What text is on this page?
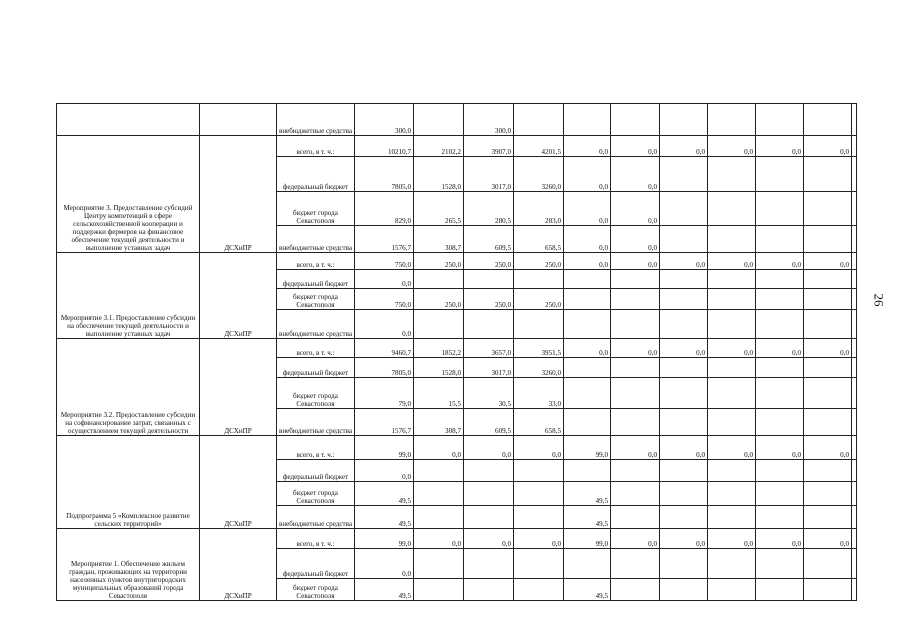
		внебюджетные средства	300,0		300,0								
Мероприятие 3. Предоставление субсидий Центру компетенций в сфере сельскохозяйственной кооперации и поддержки фермеров на финансовое обеспечение текущей деятельности и выполнение уставных задач	ДСХиПР	всего, в т. ч.:	10210,7	2102,2	3907,0	4201,5	0,0	0,0	0,0	0,0	0,0	0,0	
		федеральный бюджет	7805,0	1528,0	3017,0	3260,0	0,0	0,0					
		бюджет города Севастополя	829,0	265,5	280,5	283,0	0,0	0,0					
		внебюджетные средства	1576,7	308,7	609,5	658,5	0,0	0,0					
Мероприятие 3.1. Предоставление субсидии на обеспечение текущей деятельности и выполнение уставных задач	ДСХиПР	всего, в т. ч.:	750,0	250,0	250,0	250,0	0,0	0,0	0,0	0,0	0,0	0,0	
		федеральный бюджет	0,0										
		бюджет города Севастополя	750,0	250,0	250,0	250,0							
		внебюджетные средства	0,0										
Мероприятие 3.2. Предоставление субсидии на софинансирование затрат, связанных с осуществлением текущей деятельности	ДСХиПР	всего, в т. ч.:	9460,7	1852,2	3657,0	3951,5	0,0	0,0	0,0	0,0	0,0	0,0	
		федеральный бюджет	7805,0	1528,0	3017,0	3260,0							
		бюджет города Севастополя	79,0	15,5	30,5	33,0							
		внебюджетные средства	1576,7	308,7	609,5	658,5							
Подпрограмма 5 «Комплексное развитие сельских территорий»	ДСХиПР	всего, в т. ч.:	99,0	0,0	0,0	0,0	99,0	0,0	0,0	0,0	0,0	0,0	
		федеральный бюджет	0,0										
		бюджет города Севастополя	49,5				49,5						
		внебюджетные средства	49,5				49,5						
Мероприятие 1. Обеспечение жильем граждан, проживающих на территории населенных пунктов внутригородских муниципальных образований города Севастополя	ДСХиПР	всего, в т. ч.:	99,0	0,0	0,0	0,0	99,0	0,0	0,0	0,0	0,0	0,0	
		федеральный бюджет	0,0										
		бюджет города Севастополя	49,5				49,5						
26
